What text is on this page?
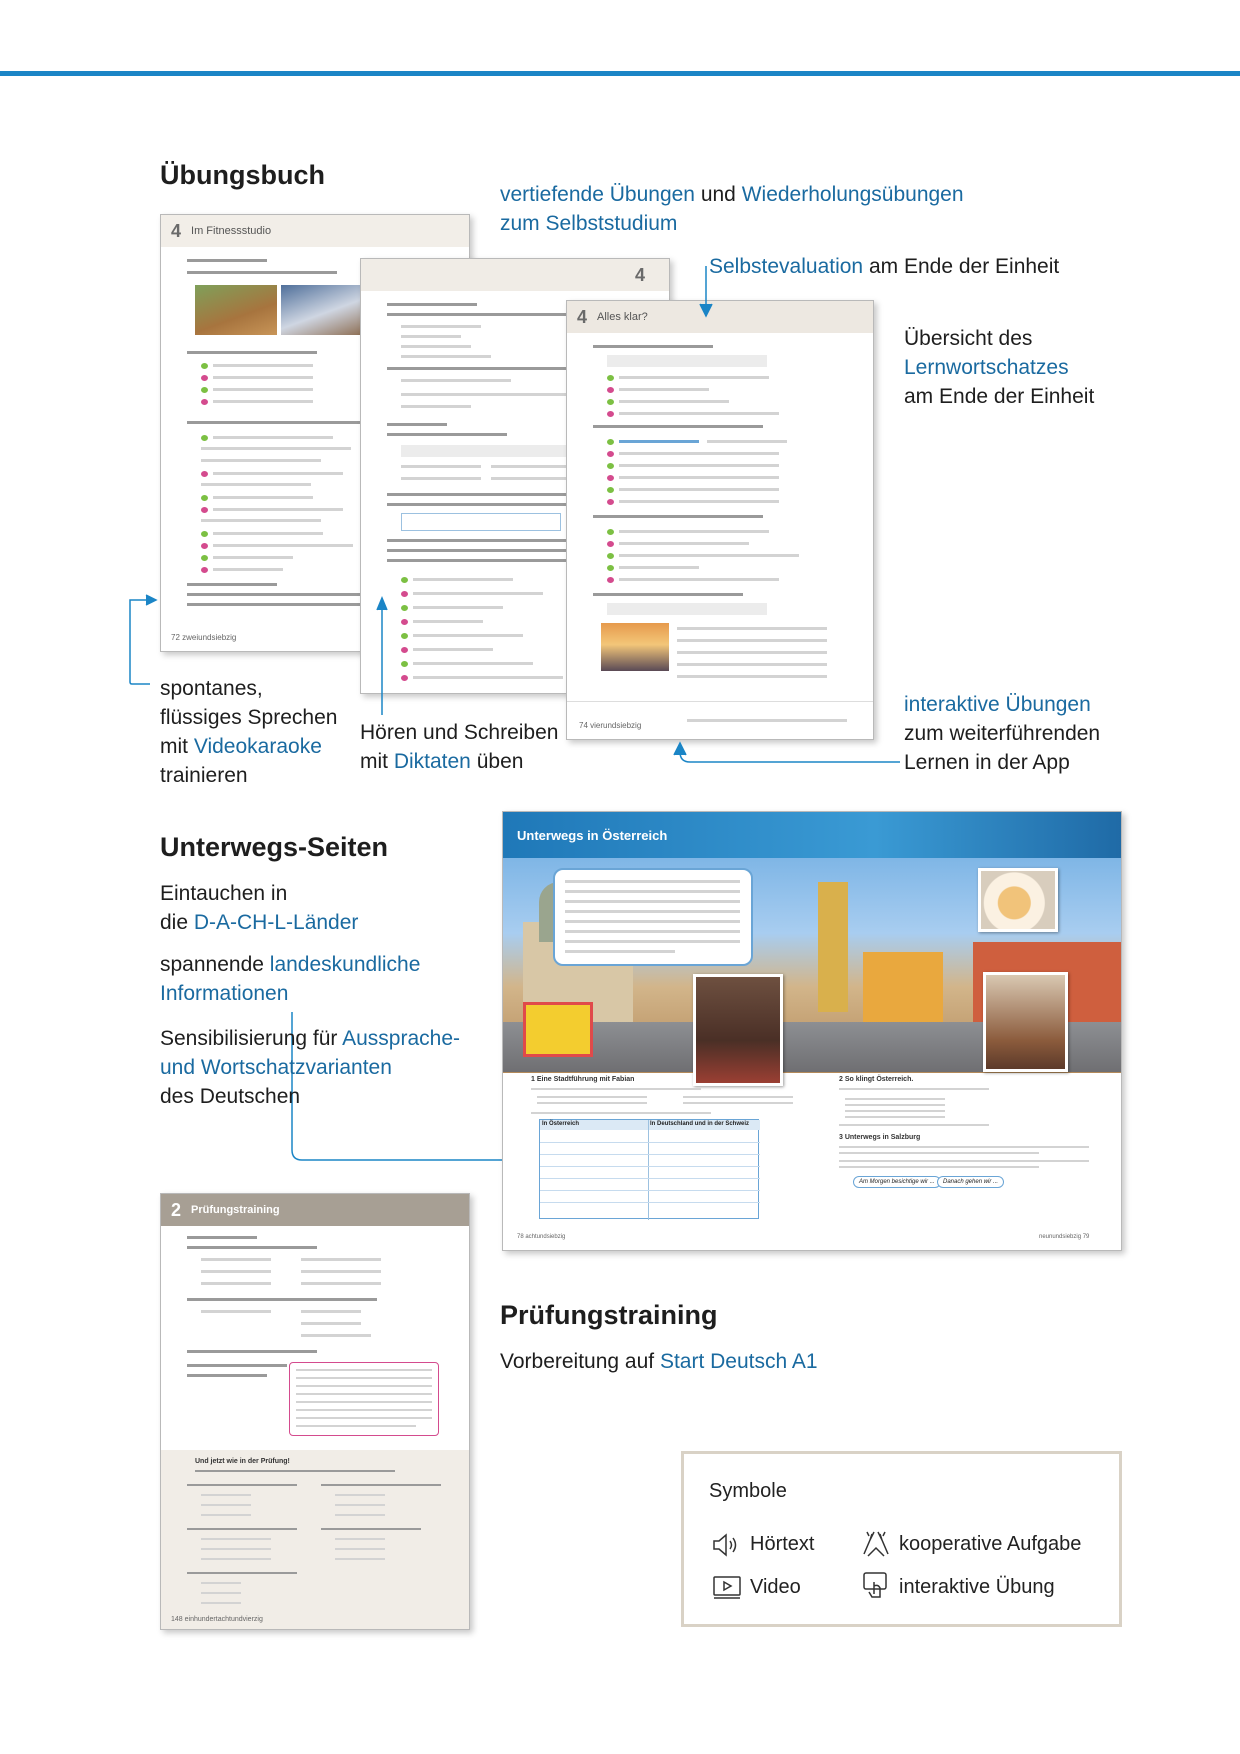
Übungsbuch
4 Im Fitnessstudio
72 zweiundsiebzig
4
4 Alles klar?
74 vierundsiebzig
vertiefende Übungen und Wiederholungsübungen
zum Selbststudium
Selbstevaluation am Ende der Einheit
Übersicht des
Lernwortschatzes
am Ende der Einheit
spontanes,
flüssiges Sprechen
mit Videokaraoke
trainieren
Hören und Schreiben
mit Diktaten üben
interaktive Übungen
zum weiterführenden
Lernen in der App
Unterwegs-Seiten
Eintauchen in
die D-A-CH-L-Länder
spannende landeskundliche
Informationen
Sensibilisierung für Aussprache-
und Wortschatzvarianten
des Deutschen
Unterwegs in Österreich
1 Eine Stadtführung mit Fabian
In Österreich	In Deutschland und in der Schweiz
2 So klingt Österreich.
3 Unterwegs in Salzburg
Am Morgen besichtige wir ...	Danach gehen wir ...
78 achtundsiebzig	neunundsiebzig 79
2 Prüfungstraining
Und jetzt wie in der Prüfung!
148 einhundertachtundvierzig
Prüfungstraining
Vorbereitung auf Start Deutsch A1
Symbole
Hörtext	kooperative Aufgabe
Video	interaktive Übung
